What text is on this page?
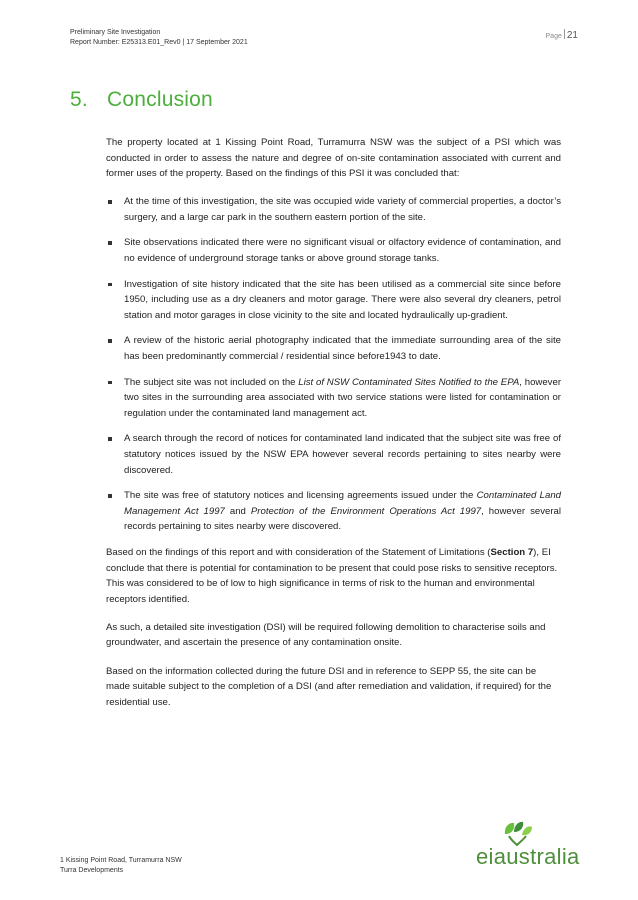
Preliminary Site Investigation
Report Number: E25313.E01_Rev0 | 17 September 2021
Page 21
5. Conclusion

The property located at 1 Kissing Point Road, Turramurra NSW was the subject of a PSI which was conducted in order to assess the nature and degree of on-site contamination associated with current and former uses of the property. Based on the findings of this PSI it was concluded that:

At the time of this investigation, the site was occupied wide variety of commercial properties, a doctor’s surgery, and a large car park in the southern eastern portion of the site.
Site observations indicated there were no significant visual or olfactory evidence of contamination, and no evidence of underground storage tanks or above ground storage tanks.
Investigation of site history indicated that the site has been utilised as a commercial site since before 1950, including use as a dry cleaners and motor garage. There were also several dry cleaners, petrol station and motor garages in close vicinity to the site and located hydraulically up-gradient.
A review of the historic aerial photography indicated that the immediate surrounding area of the site has been predominantly commercial / residential since before1943 to date.
The subject site was not included on the List of NSW Contaminated Sites Notified to the EPA, however two sites in the surrounding area associated with two service stations were listed for contamination or regulation under the contaminated land management act.
A search through the record of notices for contaminated land indicated that the subject site was free of statutory notices issued by the NSW EPA however several records pertaining to sites nearby were discovered.
The site was free of statutory notices and licensing agreements issued under the Contaminated Land Management Act 1997 and Protection of the Environment Operations Act 1997, however several records pertaining to sites nearby were discovered.

Based on the findings of this report and with consideration of the Statement of Limitations (Section 7), EI conclude that there is potential for contamination to be present that could pose risks to sensitive receptors. This was considered to be of low to high significance in terms of risk to the human and environmental receptors identified.

As such, a detailed site investigation (DSI) will be required following demolition to characterise soils and groundwater, and ascertain the presence of any contamination onsite.

Based on the information collected during the future DSI and in reference to SEPP 55, the site can be made suitable subject to the completion of a DSI (and after remediation and validation, if required) for the residential use.

1 Kissing Point Road, Turramurra NSW
Turra Developments
eiaustralia
